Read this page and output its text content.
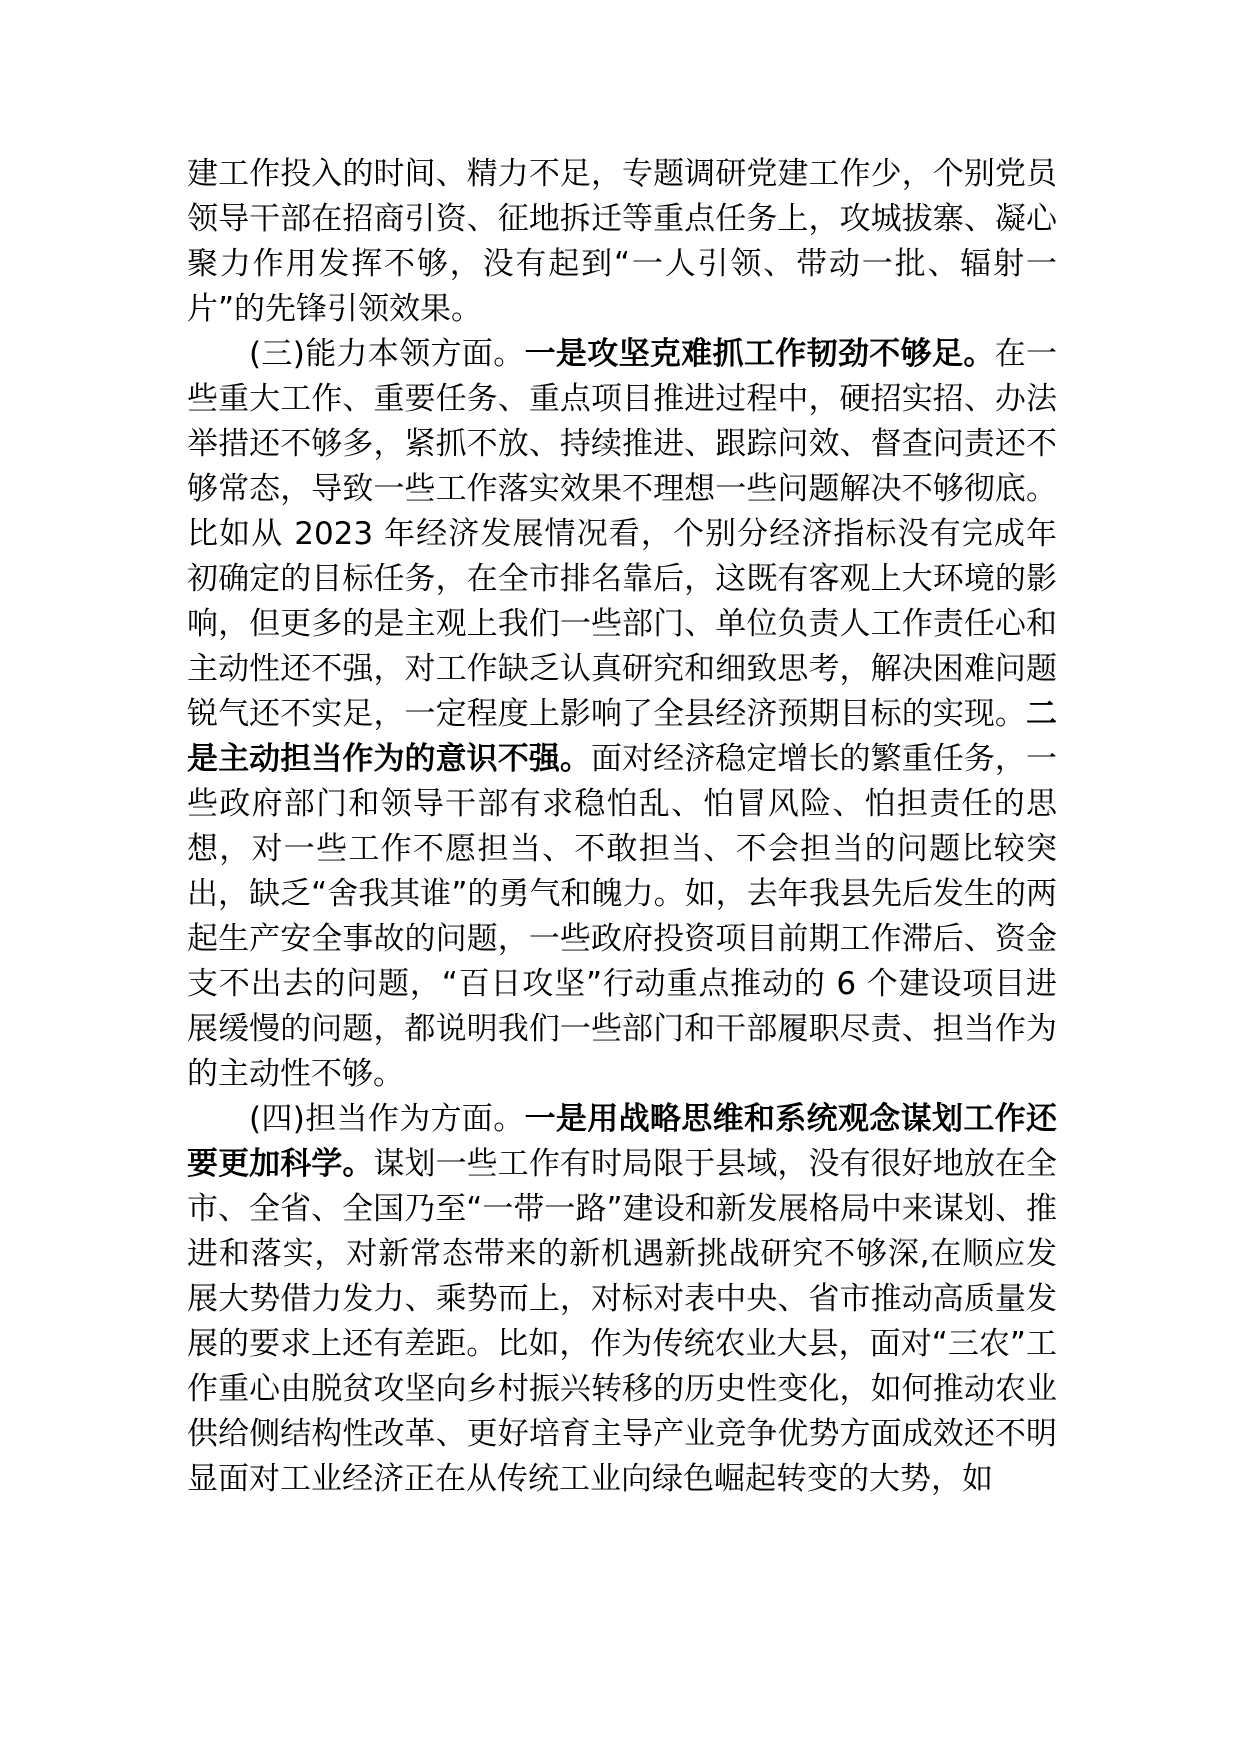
建工作投入的时间、精力不足，专题调研党建工作少，个别党员领导干部在招商引资、征地拆迁等重点任务上，攻城拔寨、凝心聚力作用发挥不够，没有起到“一人引领、带动一批、辐射一片”的先锋引领效果。

(三)能力本领方面。一是攻坚克难抓工作韧劲不够足。在一些重大工作、重要任务、重点项目推进过程中，硬招实招、办法举措还不够多，紧抓不放、持续推进、跟踪问效、督查问责还不够常态，导致一些工作落实效果不理想一些问题解决不够彻底。比如从 2023 年经济发展情况看，个别分经济指标没有完成年初确定的目标任务，在全市排名靠后，这既有客观上大环境的影响，但更多的是主观上我们一些部门、单位负责人工作责任心和主动性还不强，对工作缺乏认真研究和细致思考，解决困难问题锐气还不实足，一定程度上影响了全县经济预期目标的实现。二是主动担当作为的意识不强。面对经济稳定增长的繁重任务，一些政府部门和领导干部有求稳怕乱、怕冒风险、怕担责任的思想，对一些工作不愿担当、不敢担当、不会担当的问题比较突出，缺乏“舍我其谁”的勇气和魄力。如，去年我县先后发生的两起生产安全事故的问题，一些政府投资项目前期工作滞后、资金支不出去的问题，“百日攻坚”行动重点推动的 6 个建设项目进展缓慢的问题，都说明我们一些部门和干部履职尽责、担当作为的主动性不够。

(四)担当作为方面。一是用战略思维和系统观念谋划工作还要更加科学。谋划一些工作有时局限于县域，没有很好地放在全市、全省、全国乃至“一带一路”建设和新发展格局中来谋划、推进和落实，对新常态带来的新机遇新挑战研究不够深,在顺应发展大势借力发力、乘势而上，对标对表中央、省市推动高质量发展的要求上还有差距。比如，作为传统农业大县，面对“三农”工作重心由脱贫攻坚向乡村振兴转移的历史性变化，如何推动农业供给侧结构性改革、更好培育主导产业竞争优势方面成效还不明显面对工业经济正在从传统工业向绿色崛起转变的大势，如
